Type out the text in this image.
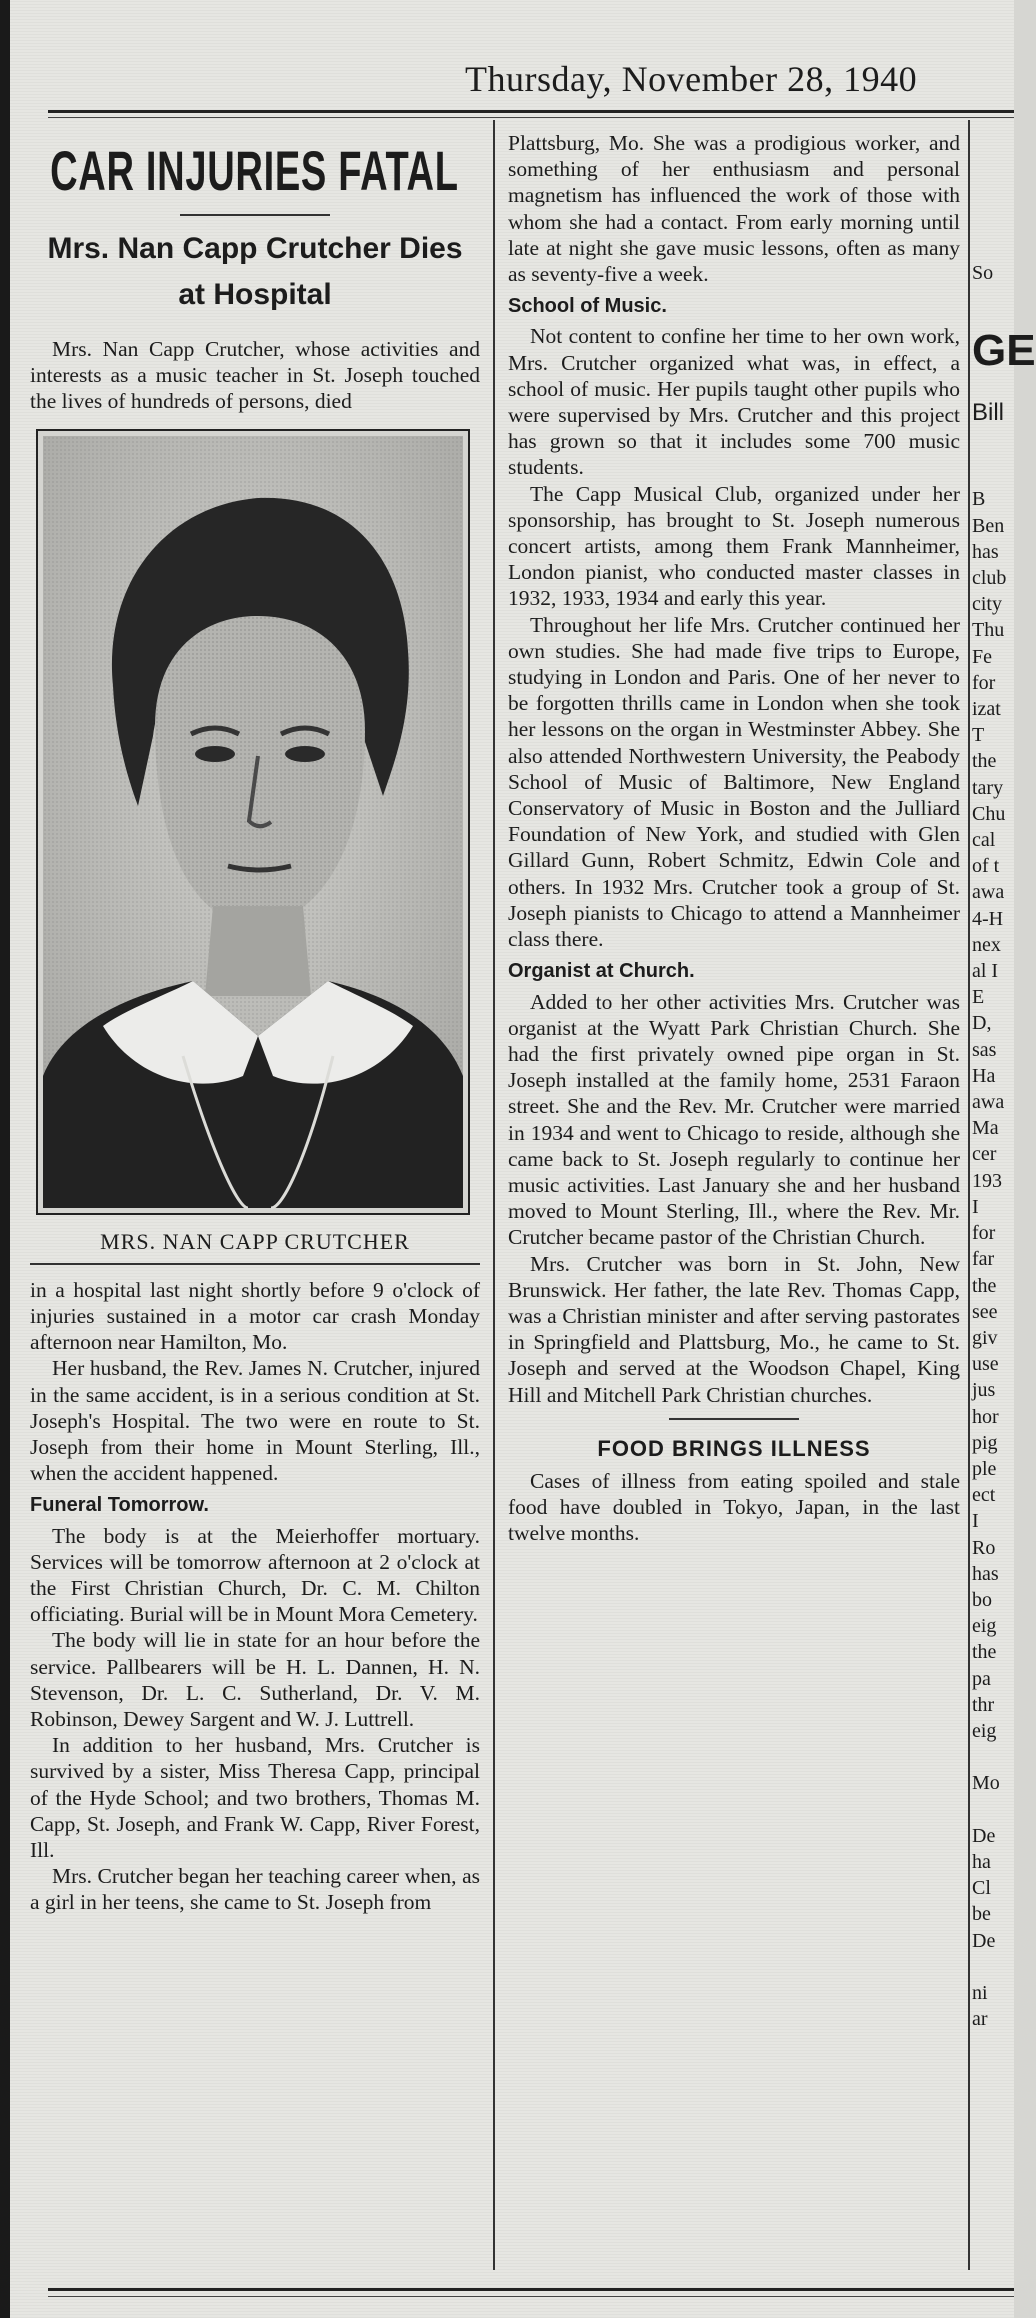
Thursday, November 28, 1940
CAR INJURIES FATAL
Mrs. Nan Capp Crutcher Dies
at Hospital

Mrs. Nan Capp Crutcher, whose activities and interests as a music teacher in St. Joseph touched the lives of hundreds of persons, died

MRS. NAN CAPP CRUTCHER

in a hospital last night shortly before 9 o'clock of injuries sustained in a motor car crash Monday afternoon near Hamilton, Mo.

Her husband, the Rev. James N. Crutcher, injured in the same accident, is in a serious condition at St. Joseph's Hospital. The two were en route to St. Joseph from their home in Mount Sterling, Ill., when the accident happened.

Funeral Tomorrow.

The body is at the Meierhoffer mortuary. Services will be tomorrow afternoon at 2 o'clock at the First Christian Church, Dr. C. M. Chilton officiating. Burial will be in Mount Mora Cemetery.

The body will lie in state for an hour before the service. Pallbearers will be H. L. Dannen, H. N. Stevenson, Dr. L. C. Sutherland, Dr. V. M. Robinson, Dewey Sargent and W. J. Luttrell.

In addition to her husband, Mrs. Crutcher is survived by a sister, Miss Theresa Capp, principal of the Hyde School; and two brothers, Thomas M. Capp, St. Joseph, and Frank W. Capp, River Forest, Ill.

Mrs. Crutcher began her teaching career when, as a girl in her teens, she came to St. Joseph from

Plattsburg, Mo. She was a prodigious worker, and something of her enthusiasm and personal magnetism has influenced the work of those with whom she had a contact. From early morning until late at night she gave music lessons, often as many as seventy-five a week.

School of Music.

Not content to confine her time to her own work, Mrs. Crutcher organized what was, in effect, a school of music. Her pupils taught other pupils who were supervised by Mrs. Crutcher and this project has grown so that it includes some 700 music students.

The Capp Musical Club, organized under her sponsorship, has brought to St. Joseph numerous concert artists, among them Frank Mannheimer, London pianist, who conducted master classes in 1932, 1933, 1934 and early this year.

Throughout her life Mrs. Crutcher continued her own studies. She had made five trips to Europe, studying in London and Paris. One of her never to be forgotten thrills came in London when she took her lessons on the organ in Westminster Abbey. She also attended Northwestern University, the Peabody School of Music of Baltimore, New England Conservatory of Music in Boston and the Julliard Foundation of New York, and studied with Glen Gillard Gunn, Robert Schmitz, Edwin Cole and others. In 1932 Mrs. Crutcher took a group of St. Joseph pianists to Chicago to attend a Mannheimer class there.

Organist at Church.

Added to her other activities Mrs. Crutcher was organist at the Wyatt Park Christian Church. She had the first privately owned pipe organ in St. Joseph installed at the family home, 2531 Faraon street. She and the Rev. Mr. Crutcher were married in 1934 and went to Chicago to reside, although she came back to St. Joseph regularly to continue her music activities. Last January she and her husband moved to Mount Sterling, Ill., where the Rev. Mr. Crutcher became pastor of the Christian Church.

Mrs. Crutcher was born in St. John, New Brunswick. Her father, the late Rev. Thomas Capp, was a Christian minister and after serving pastorates in Springfield and Plattsburg, Mo., he came to St. Joseph and served at the Woodson Chapel, King Hill and Mitchell Park Christian churches.

FOOD BRINGS ILLNESS

Cases of illness from eating spoiled and stale food have doubled in Tokyo, Japan, in the last twelve months.

So
GE
Bill
B
Ben
has
club
city
Thu
Fe
for
izat
T
the
tary
Chu
cal
of t
awa
4-H
nex
al I
E
D,
sas
Ha
awa
Ma
cer
193
I
for
far
the
see
giv
use
jus
hor
pig
ple
ect
I
Ro
has
bo
eig
the
pa
thr
eig

Mo

De
ha
Cl
be
De

ni
ar
